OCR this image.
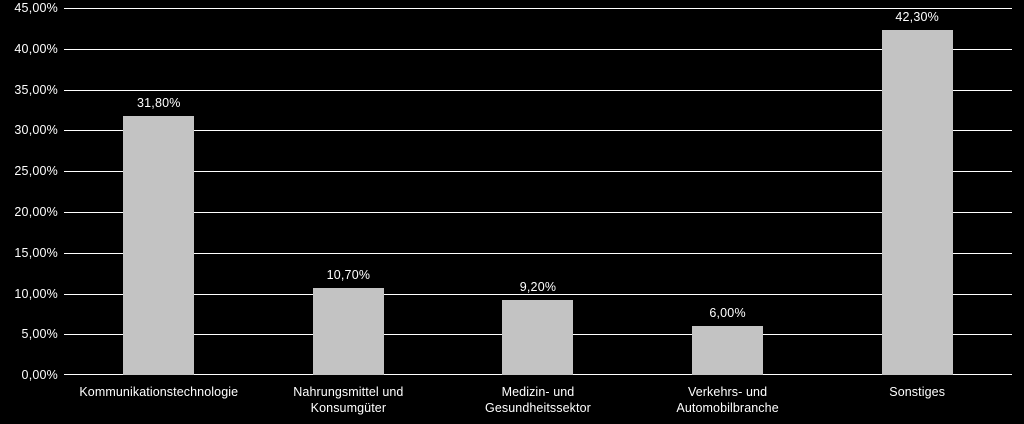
45,00%
40,00%
35,00%
30,00%
25,00%
20,00%
15,00%
10,00%
5,00%
0,00%
31,80%
10,70%
9,20%
6,00%
42,30%
Kommunikationstechnologie	Nahrungsmittel und
Konsumgüter
Medizin- und
Gesundheitssektor
Verkehrs- und
Automobilbranche
Sonstiges
